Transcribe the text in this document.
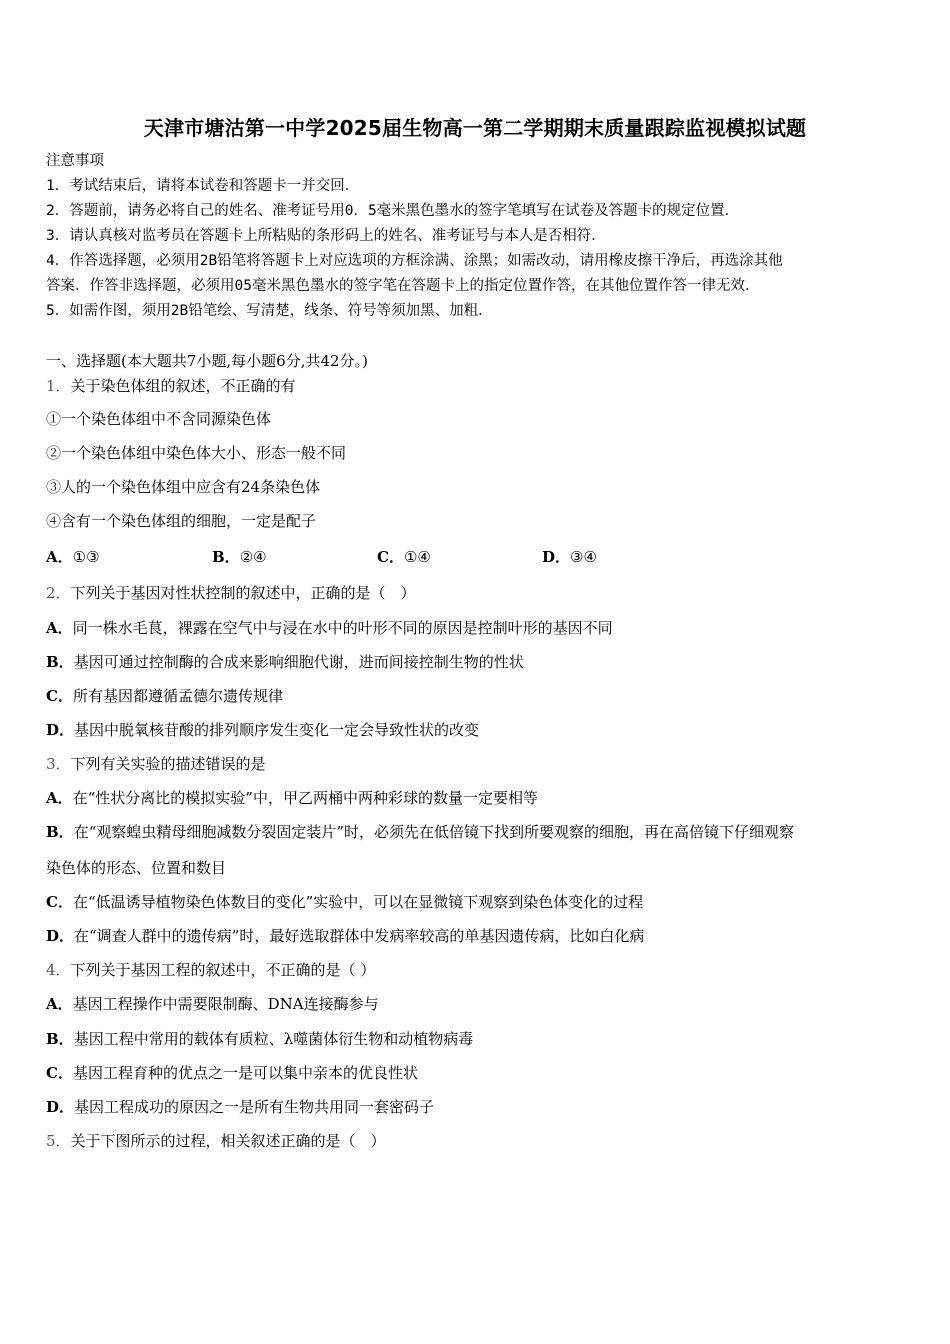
天津市塘沽第一中学2025届生物高一第二学期期末质量跟踪监视模拟试题
注意事项
1．考试结束后，请将本试卷和答题卡一并交回．
2．答题前，请务必将自己的姓名、准考证号用0．5毫米黑色墨水的签字笔填写在试卷及答题卡的规定位置．
3．请认真核对监考员在答题卡上所粘贴的条形码上的姓名、准考证号与本人是否相符．
4．作答选择题，必须用2B铅笔将答题卡上对应选项的方框涂满、涂黑；如需改动，请用橡皮擦干净后，再选涂其他
答案．作答非选择题，必须用05毫米黑色墨水的签字笔在答题卡上的指定位置作答，在其他位置作答一律无效．
5．如需作图，须用2B铅笔绘、写清楚，线条、符号等须加黑、加粗．
一、选择题(本大题共7小题,每小题6分,共42分。)
1．关于染色体组的叙述，不正确的有
①一个染色体组中不含同源染色体
②一个染色体组中染色体大小、形态一般不同
③人的一个染色体组中应含有24条染色体
④含有一个染色体组的细胞，一定是配子
A．①③	B．②④	C．①④	D．③④
2．下列关于基因对性状控制的叙述中，正确的是（　）
A．同一株水毛茛，裸露在空气中与浸在水中的叶形不同的原因是控制叶形的基因不同
B．基因可通过控制酶的合成来影响细胞代谢，进而间接控制生物的性状
C．所有基因都遵循孟德尔遗传规律
D．基因中脱氧核苷酸的排列顺序发生变化一定会导致性状的改变
3．下列有关实验的描述错误的是
A．在“性状分离比的模拟实验”中，甲乙两桶中两种彩球的数量一定要相等
B．在“观察蝗虫精母细胞减数分裂固定装片”时，必须先在低倍镜下找到所要观察的细胞，再在高倍镜下仔细观察
染色体的形态、位置和数目
C．在“低温诱导植物染色体数目的变化”实验中，可以在显微镜下观察到染色体变化的过程
D．在“调查人群中的遗传病”时，最好选取群体中发病率较高的单基因遗传病，比如白化病
4．下列关于基因工程的叙述中，不正确的是（ ）
A．基因工程操作中需要限制酶、DNA连接酶参与
B．基因工程中常用的载体有质粒、λ噬菌体衍生物和动植物病毒
C．基因工程育种的优点之一是可以集中亲本的优良性状
D．基因工程成功的原因之一是所有生物共用同一套密码子
5．关于下图所示的过程，相关叙述正确的是（　）
